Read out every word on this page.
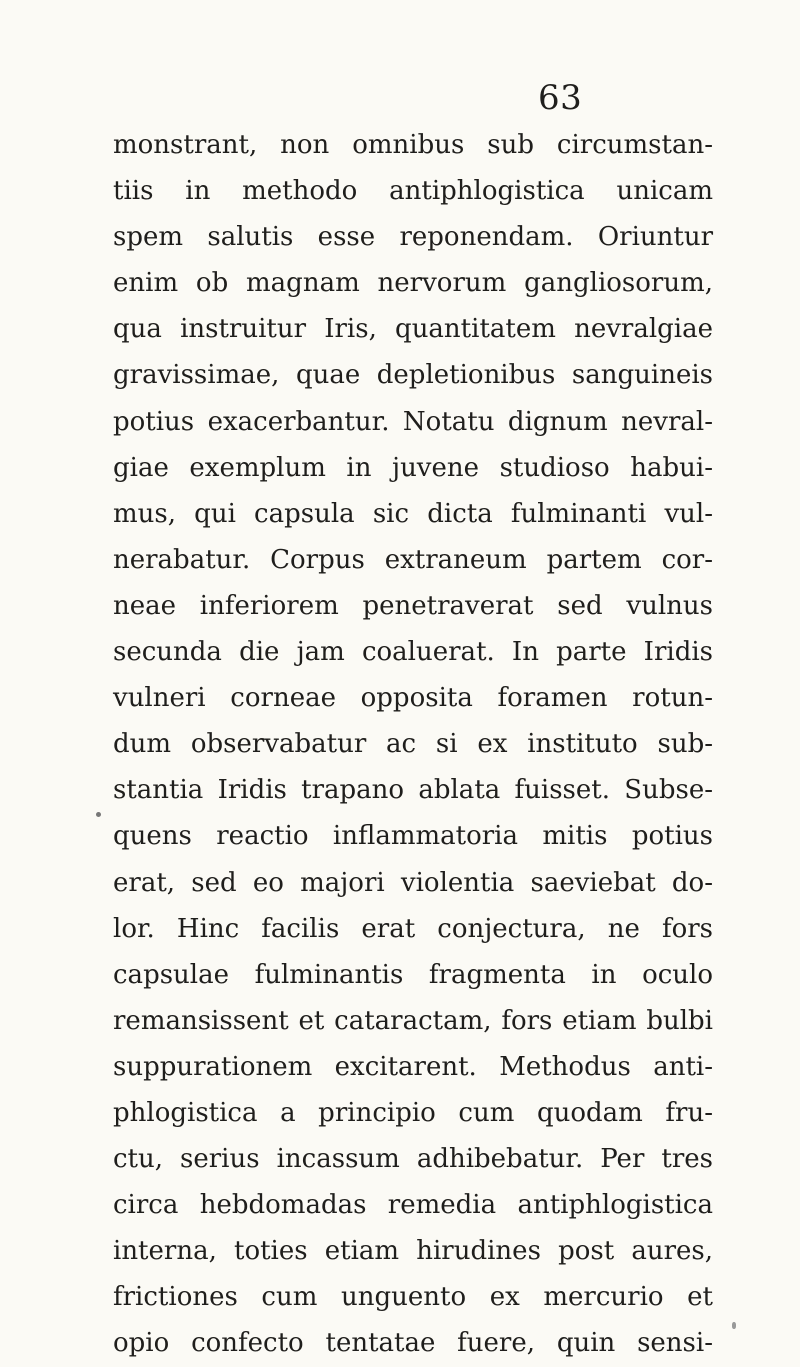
63
monstrant, non omnibus sub circumstan-
tiis in methodo antiphlogistica unicam
spem salutis esse reponendam. Oriuntur
enim ob magnam nervorum gangliosorum,
qua instruitur Iris, quantitatem nevralgiae
gravissimae, quae depletionibus sanguineis
potius exacerbantur. Notatu dignum nevral-
giae exemplum in juvene studioso habui-
mus, qui capsula sic dicta fulminanti vul-
nerabatur. Corpus extraneum partem cor-
neae inferiorem penetraverat sed vulnus
secunda die jam coaluerat. In parte Iridis
vulneri corneae opposita foramen rotun-
dum observabatur ac si ex instituto sub-
stantia Iridis trapano ablata fuisset. Subse-
quens reactio inflammatoria mitis potius
erat, sed eo majori violentia saeviebat do-
lor. Hinc facilis erat conjectura, ne fors
capsulae fulminantis fragmenta in oculo
remansissent et cataractam, fors etiam bulbi
suppurationem excitarent. Methodus anti-
phlogistica a principio cum quodam fru-
ctu, serius incassum adhibebatur. Per tres
circa hebdomadas remedia antiphlogistica
interna, toties etiam hirudines post aures,
frictiones cum unguento ex mercurio et
opio confecto tentatae fuere, quin sensi-
